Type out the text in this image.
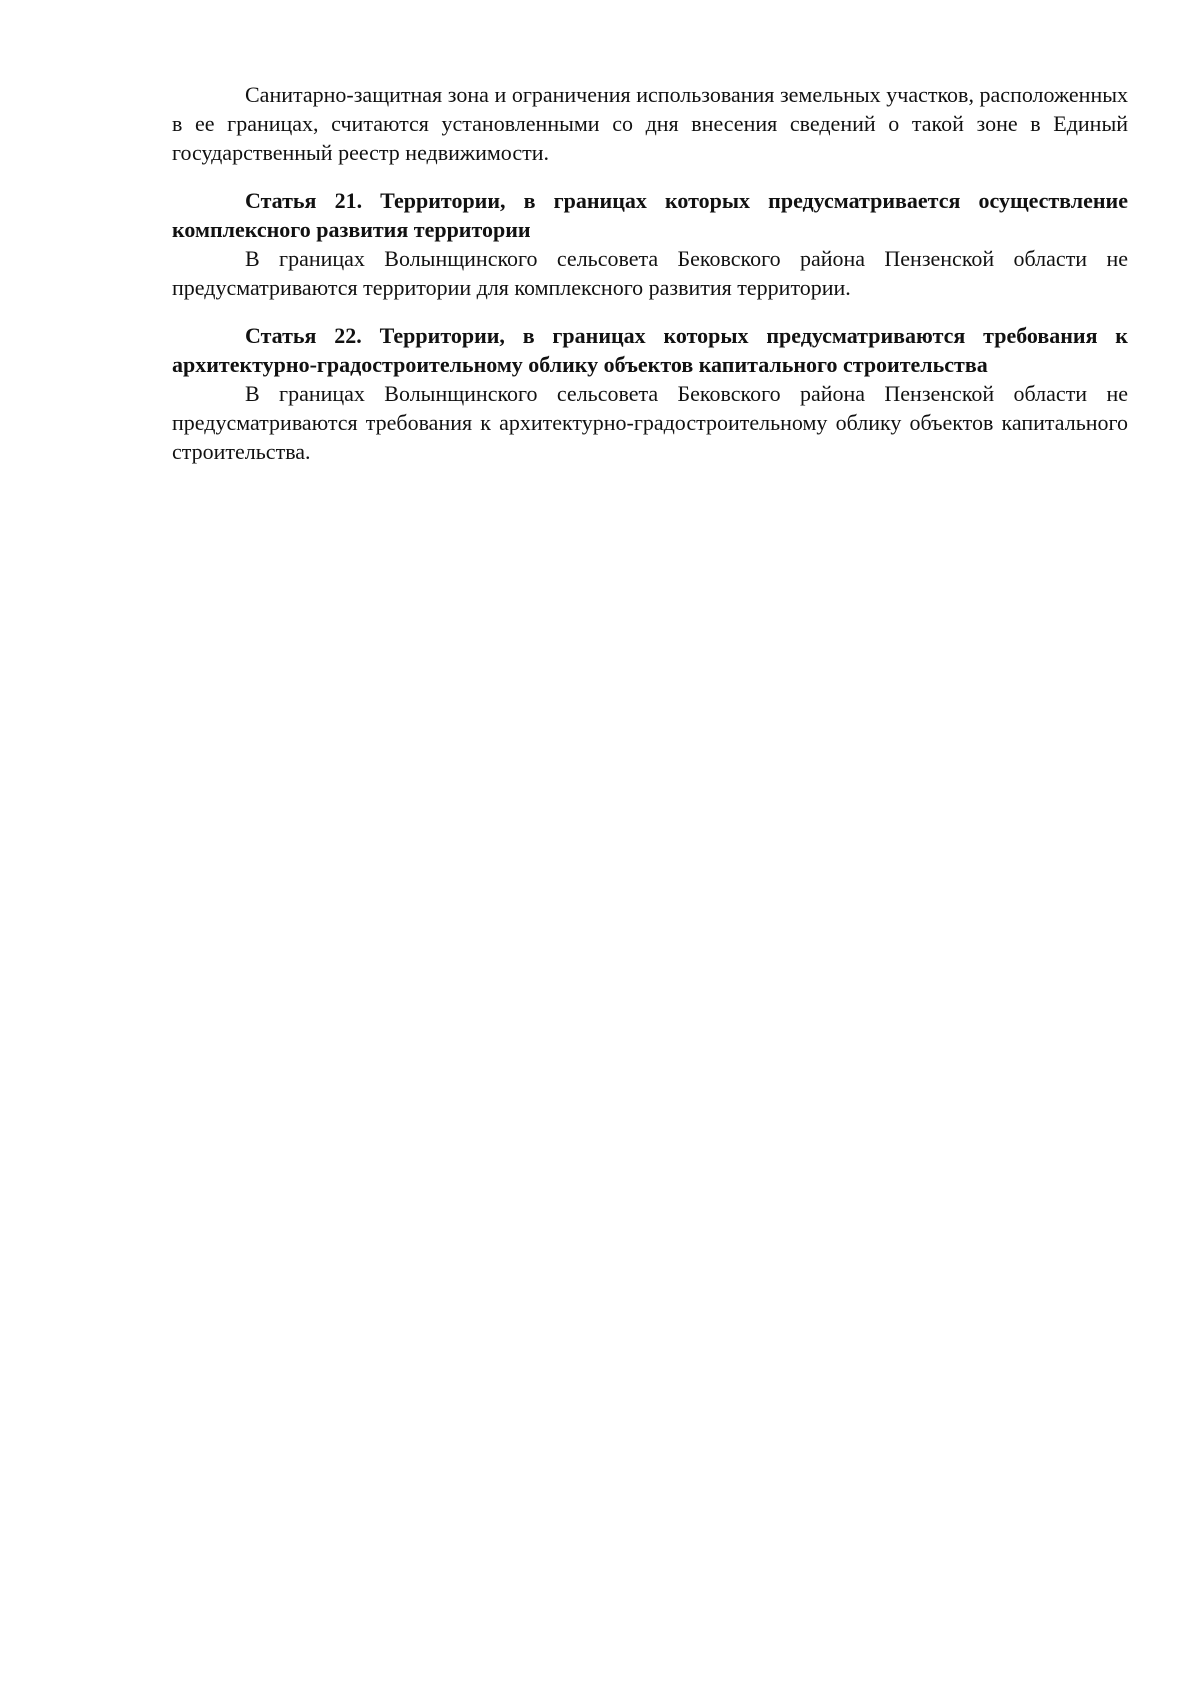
Санитарно-защитная зона и ограничения использования земельных участков, расположенных в ее границах, считаются установленными со дня внесения сведений о такой зоне в Единый государственный реестр недвижимости.

Статья 21. Территории, в границах которых предусматривается осуществление комплексного развития территории

В границах Волынщинского сельсовета Бековского района Пензенской области не предусматриваются территории для комплексного развития территории.

Статья 22. Территории, в границах которых предусматриваются требования к архитектурно-градостроительному облику объектов капитального строительства

В границах Волынщинского сельсовета Бековского района Пензенской области не предусматриваются требования к архитектурно-градостроительному облику объектов капитального строительства.
